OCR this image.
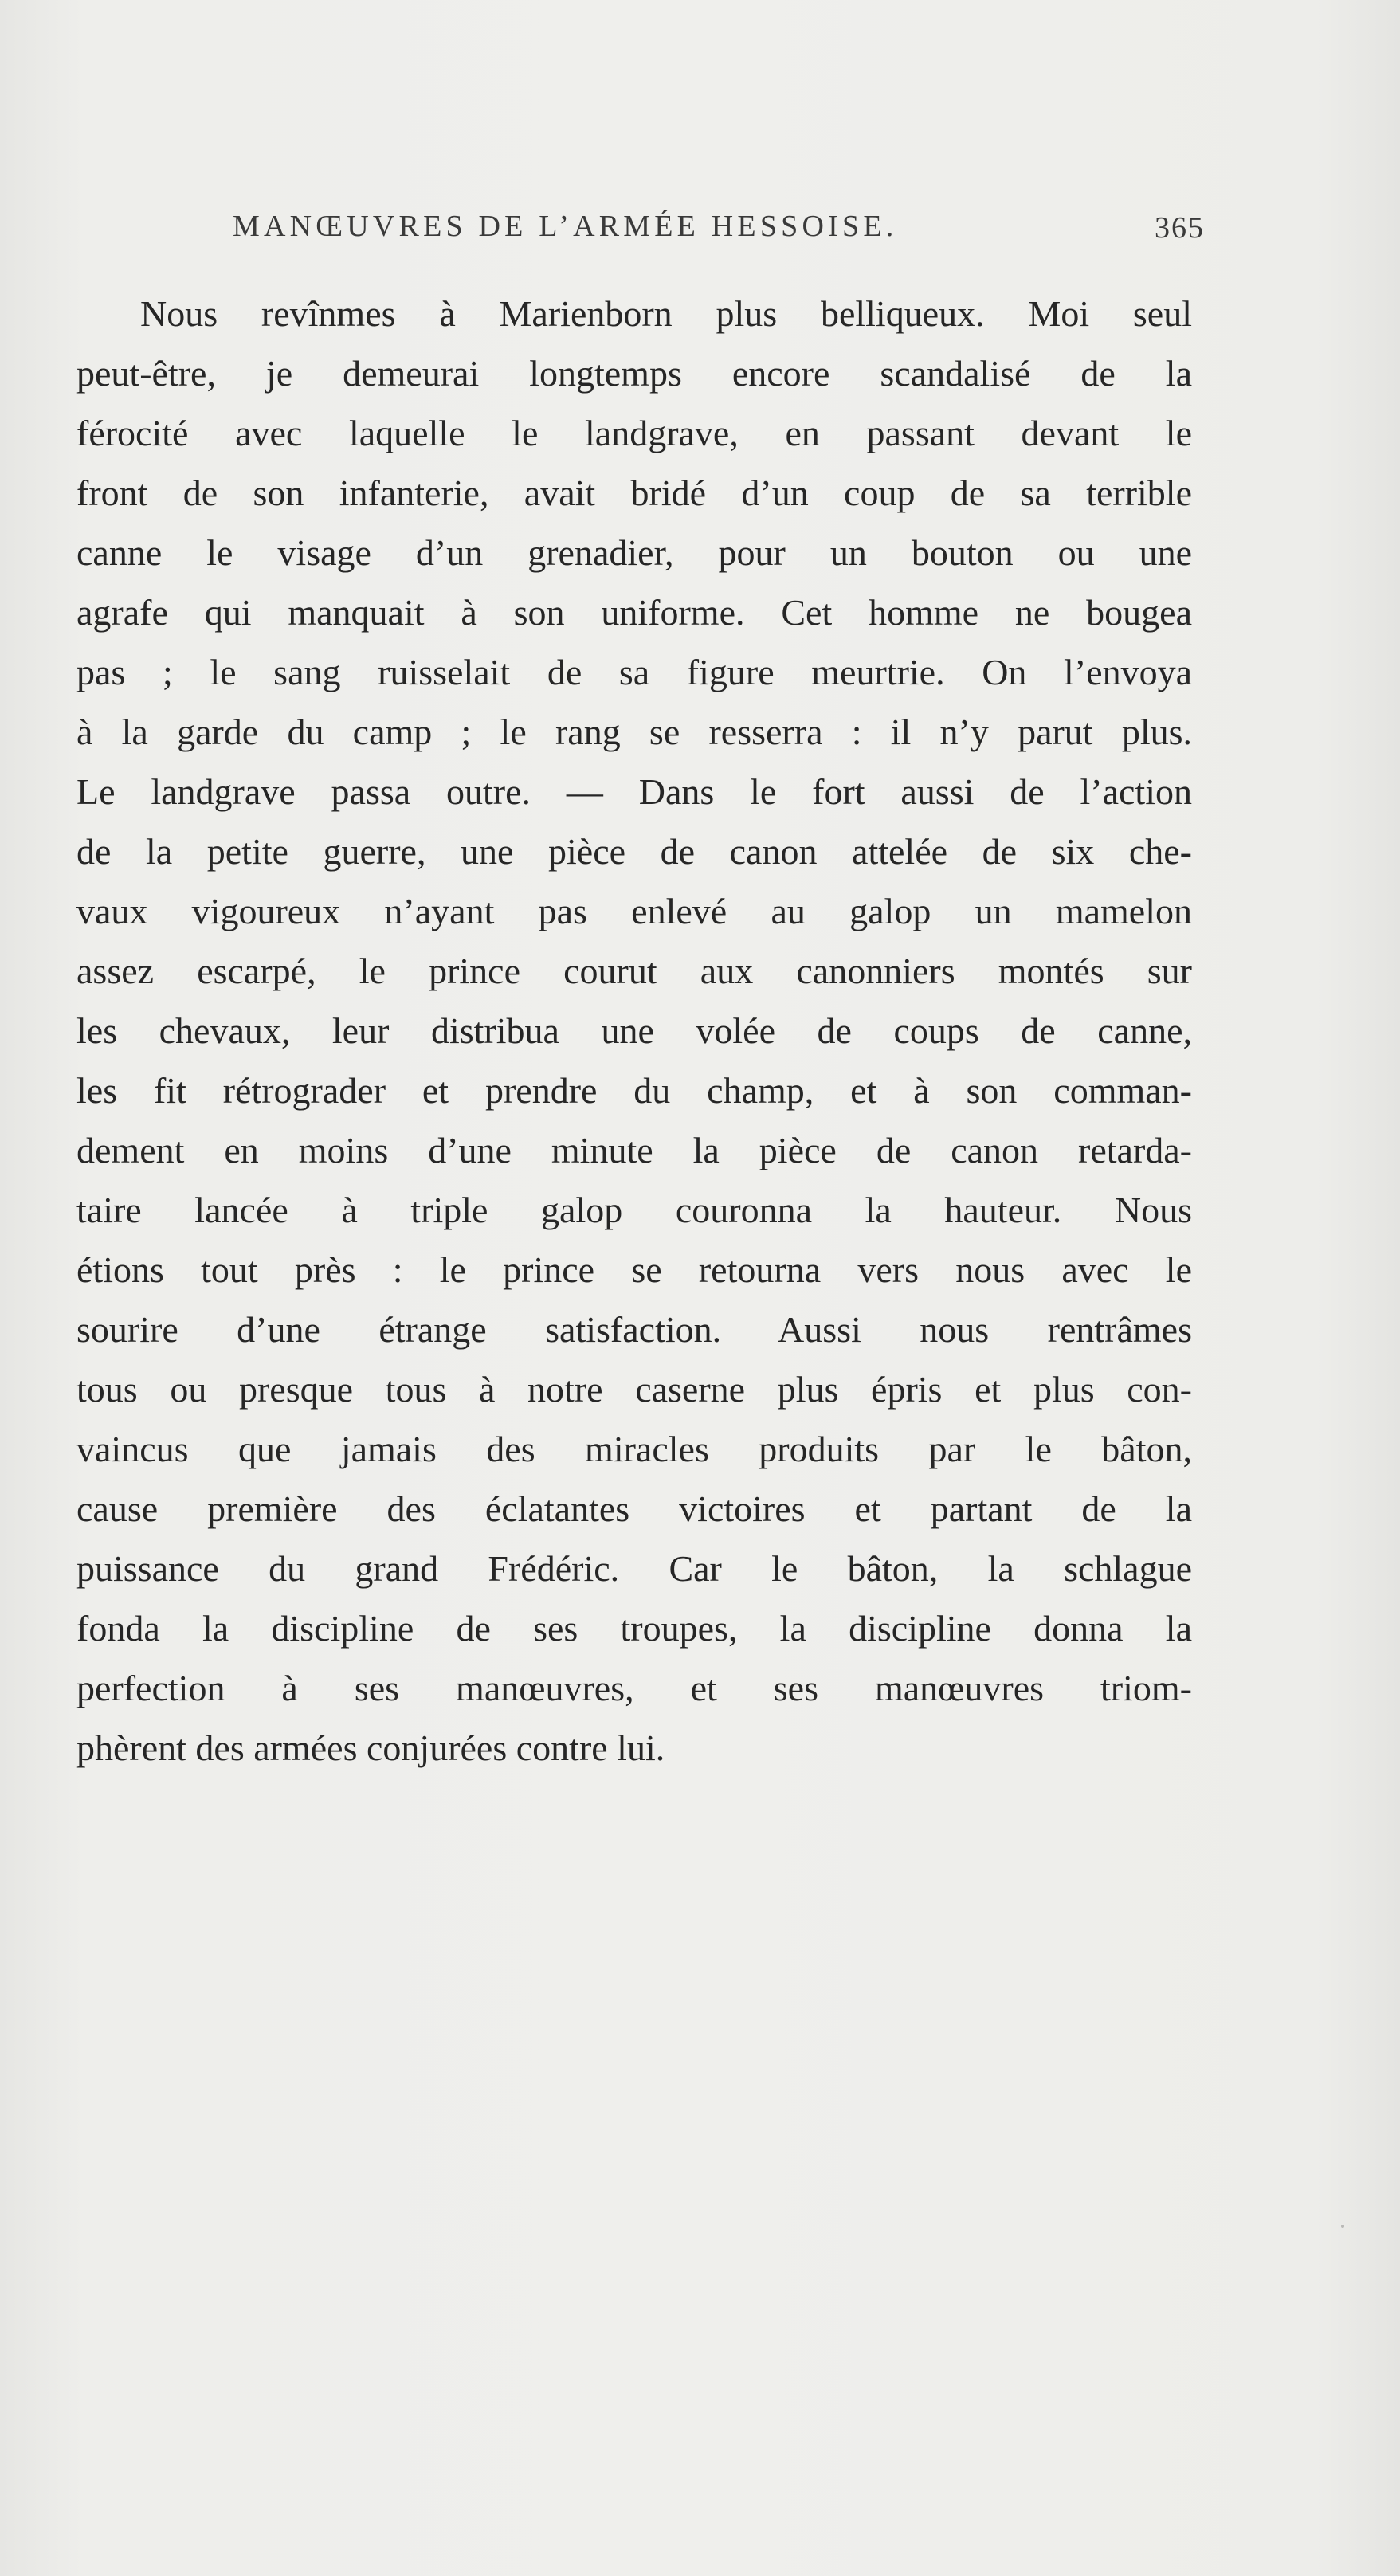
MANŒUVRES DE L’ARMÉE HESSOISE.	365
Nous revînmes à Marienborn plus belliqueux. Moi seul
peut-être, je demeurai longtemps encore scandalisé de la
férocité avec laquelle le landgrave, en passant devant le
front de son infanterie, avait bridé d’un coup de sa terrible
canne le visage d’un grenadier, pour un bouton ou une
agrafe qui manquait à son uniforme. Cet homme ne bougea
pas ; le sang ruisselait de sa figure meurtrie. On l’envoya
à la garde du camp ; le rang se resserra : il n’y parut plus.
Le landgrave passa outre. — Dans le fort aussi de l’action
de la petite guerre, une pièce de canon attelée de six che-
vaux vigoureux n’ayant pas enlevé au galop un mamelon
assez escarpé, le prince courut aux canonniers montés sur
les chevaux, leur distribua une volée de coups de canne,
les fit rétrograder et prendre du champ, et à son comman-
dement en moins d’une minute la pièce de canon retarda-
taire lancée à triple galop couronna la hauteur. Nous
étions tout près : le prince se retourna vers nous avec le
sourire d’une étrange satisfaction. Aussi nous rentrâmes
tous ou presque tous à notre caserne plus épris et plus con-
vaincus que jamais des miracles produits par le bâton,
cause première des éclatantes victoires et partant de la
puissance du grand Frédéric. Car le bâton, la schlague
fonda la discipline de ses troupes, la discipline donna la
perfection à ses manœuvres, et ses manœuvres triom-
phèrent des armées conjurées contre lui.
